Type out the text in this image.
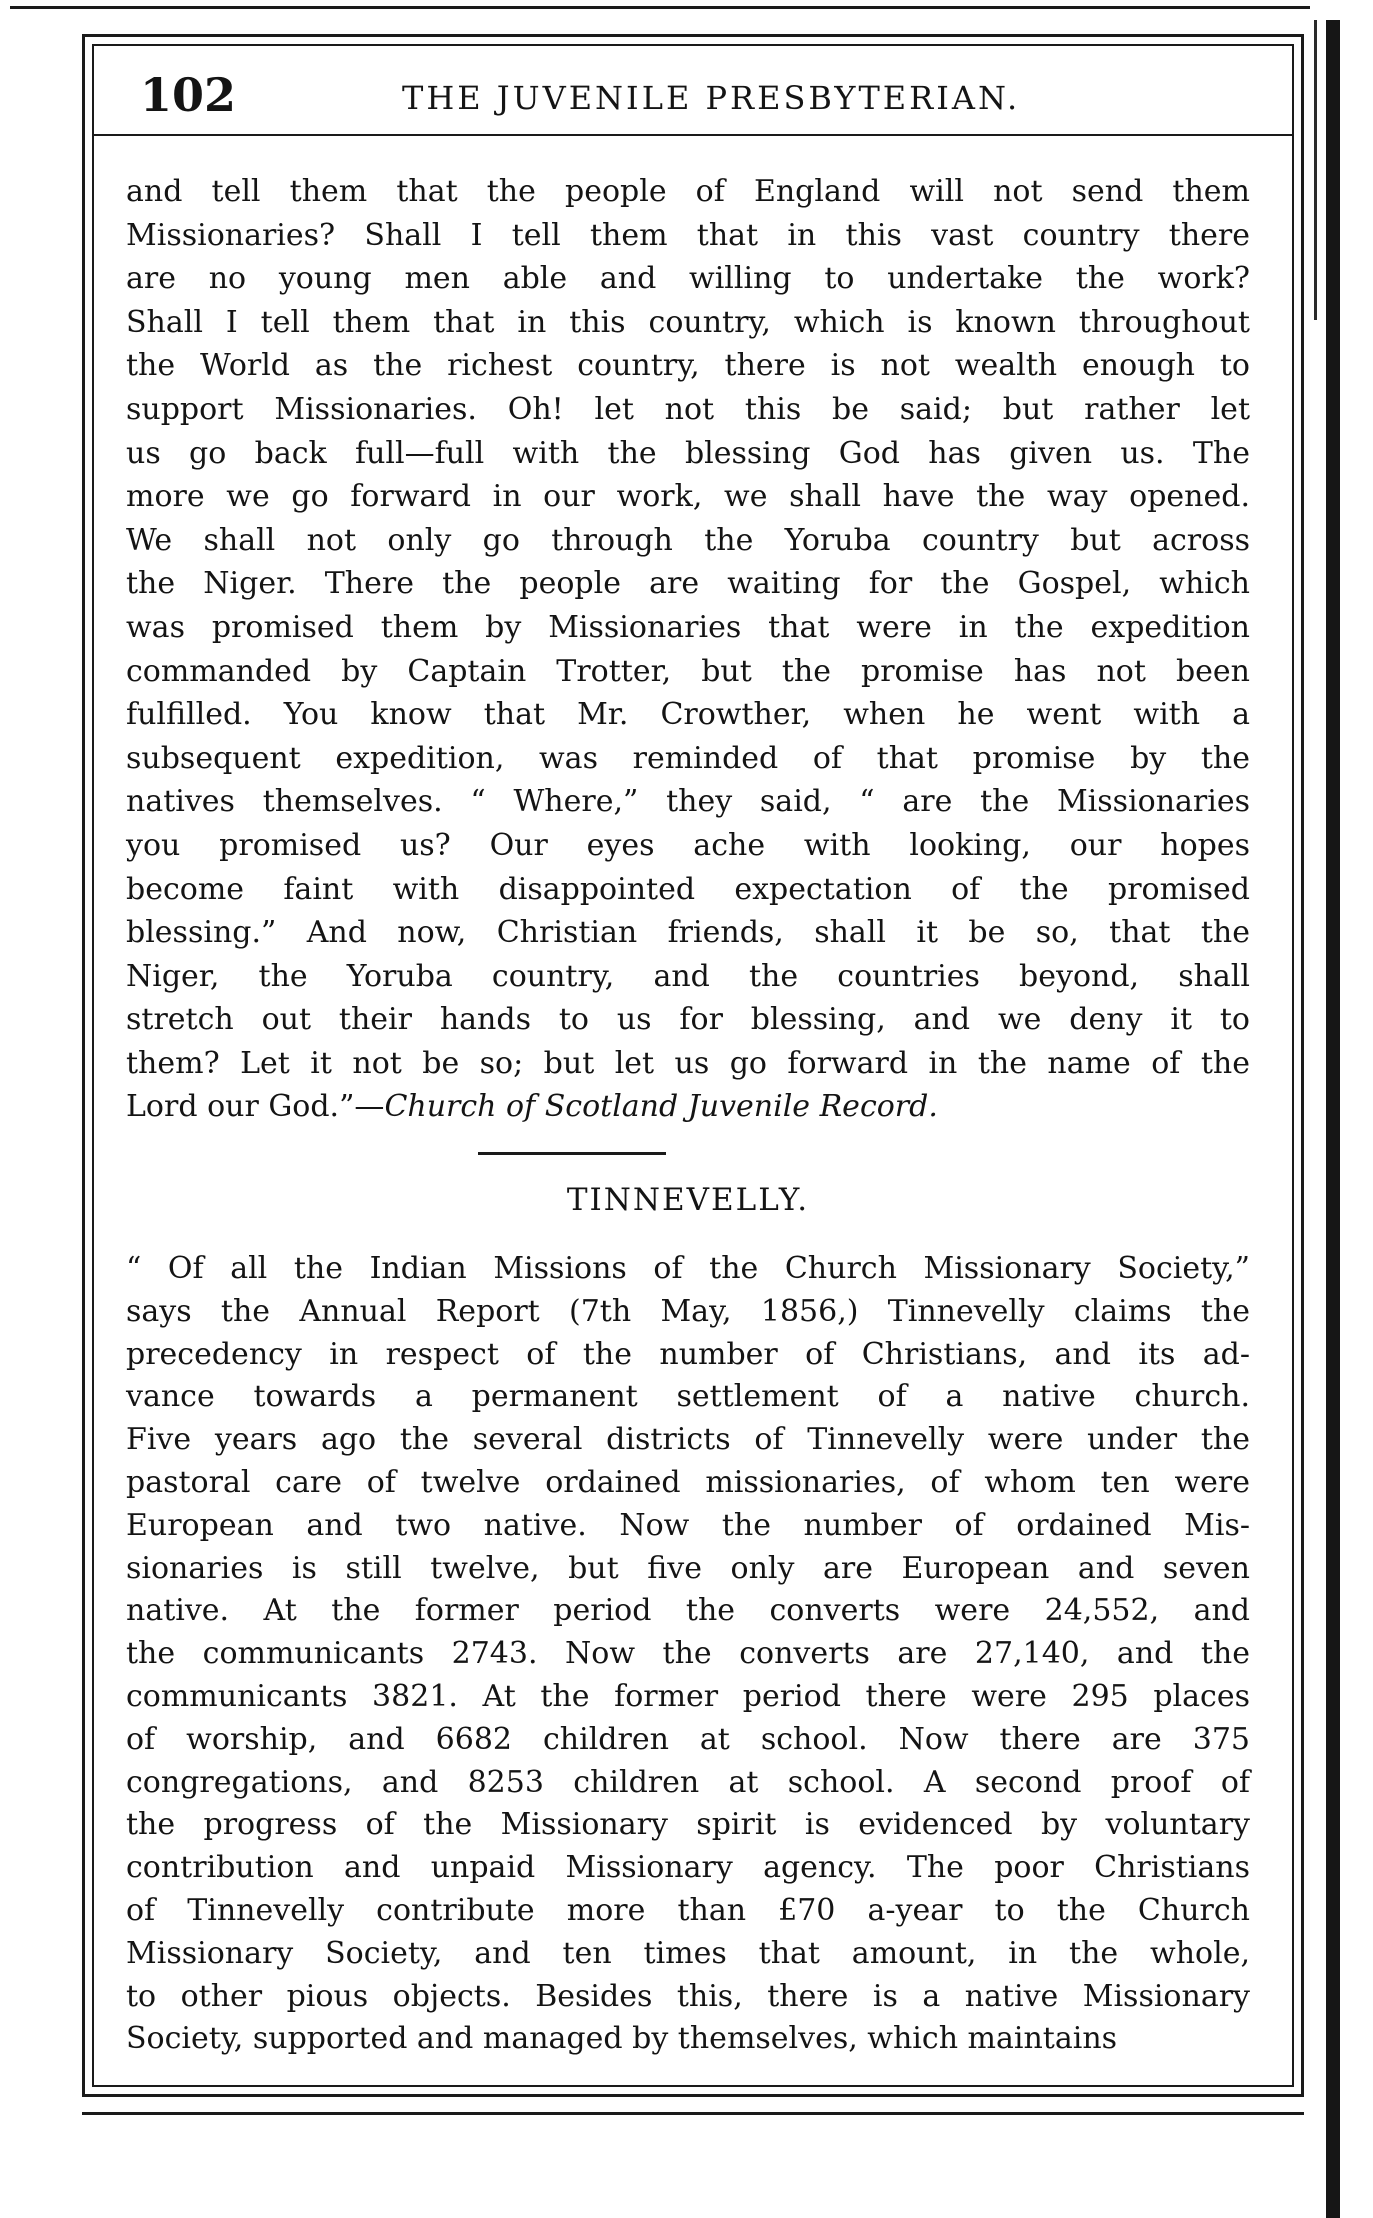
102	THE JUVENILE PRESBYTERIAN.
and tell them that the people of England will not send them
Missionaries? Shall I tell them that in this vast country there
are no young men able and willing to undertake the work?
Shall I tell them that in this country, which is known throughout
the World as the richest country, there is not wealth enough to
support Missionaries. Oh! let not this be said; but rather let
us go back full—full with the blessing God has given us. The
more we go forward in our work, we shall have the way opened.
We shall not only go through the Yoruba country but across
the Niger. There the people are waiting for the Gospel, which
was promised them by Missionaries that were in the expedition
commanded by Captain Trotter, but the promise has not been
fulfilled. You know that Mr. Crowther, when he went with a
subsequent expedition, was reminded of that promise by the
natives themselves. “ Where,” they said, “ are the Missionaries
you promised us? Our eyes ache with looking, our hopes
become faint with disappointed expectation of the promised
blessing.” And now, Christian friends, shall it be so, that the
Niger, the Yoruba country, and the countries beyond, shall
stretch out their hands to us for blessing, and we deny it to
them? Let it not be so; but let us go forward in the name of the
Lord our God.”—Church of Scotland Juvenile Record.
TINNEVELLY.
“ Of all the Indian Missions of the Church Missionary Society,”
says the Annual Report (7th May, 1856,) Tinnevelly claims the
precedency in respect of the number of Christians, and its ad-
vance towards a permanent settlement of a native church.
Five years ago the several districts of Tinnevelly were under the
pastoral care of twelve ordained missionaries, of whom ten were
European and two native. Now the number of ordained Mis-
sionaries is still twelve, but five only are European and seven
native. At the former period the converts were 24,552, and
the communicants 2743. Now the converts are 27,140, and the
communicants 3821. At the former period there were 295 places
of worship, and 6682 children at school. Now there are 375
congregations, and 8253 children at school. A second proof of
the progress of the Missionary spirit is evidenced by voluntary
contribution and unpaid Missionary agency. The poor Christians
of Tinnevelly contribute more than £70 a-year to the Church
Missionary Society, and ten times that amount, in the whole,
to other pious objects. Besides this, there is a native Missionary
Society, supported and managed by themselves, which maintains
